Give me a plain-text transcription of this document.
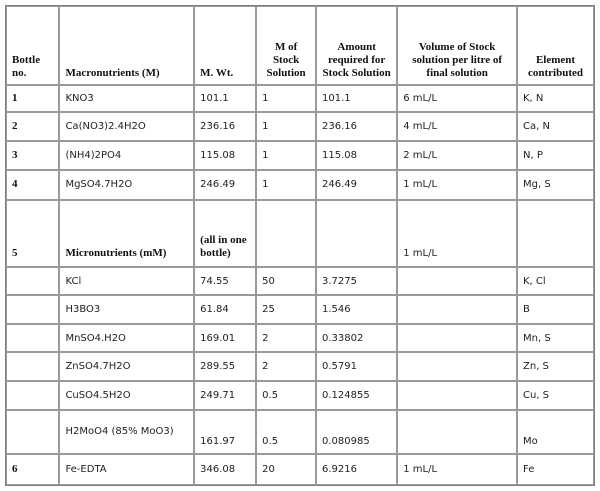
Bottle no.	Macronutrients (M)	M. Wt.	M of Stock Solution	Amount required for Stock Solution	Volume of Stock solution per litre of final solution	Element contributed
1	KNO3	101.1	1	101.1	6 mL/L	K, N
2	Ca(NO3)2.4H2O	236.16	1	236.16	4 mL/L	Ca, N
3	(NH4)2PO4	115.08	1	115.08	2 mL/L	N, P
4	MgSO4.7H2O	246.49	1	246.49	1 mL/L	Mg, S
5	Micronutrients (mM)	(all in one bottle)			1 mL/L	
	KCl	74.55	50	3.7275		K, Cl
	H3BO3	61.84	25	1.546		B
	MnSO4.H2O	169.01	2	0.33802		Mn, S
	ZnSO4.7H2O	289.55	2	0.5791		Zn, S
	CuSO4.5H2O	249.71	0.5	0.124855		Cu, S
	H2MoO4 (85% MoO3)	161.97	0.5	0.080985		Mo
6	Fe-EDTA	346.08	20	6.9216	1 mL/L	Fe
